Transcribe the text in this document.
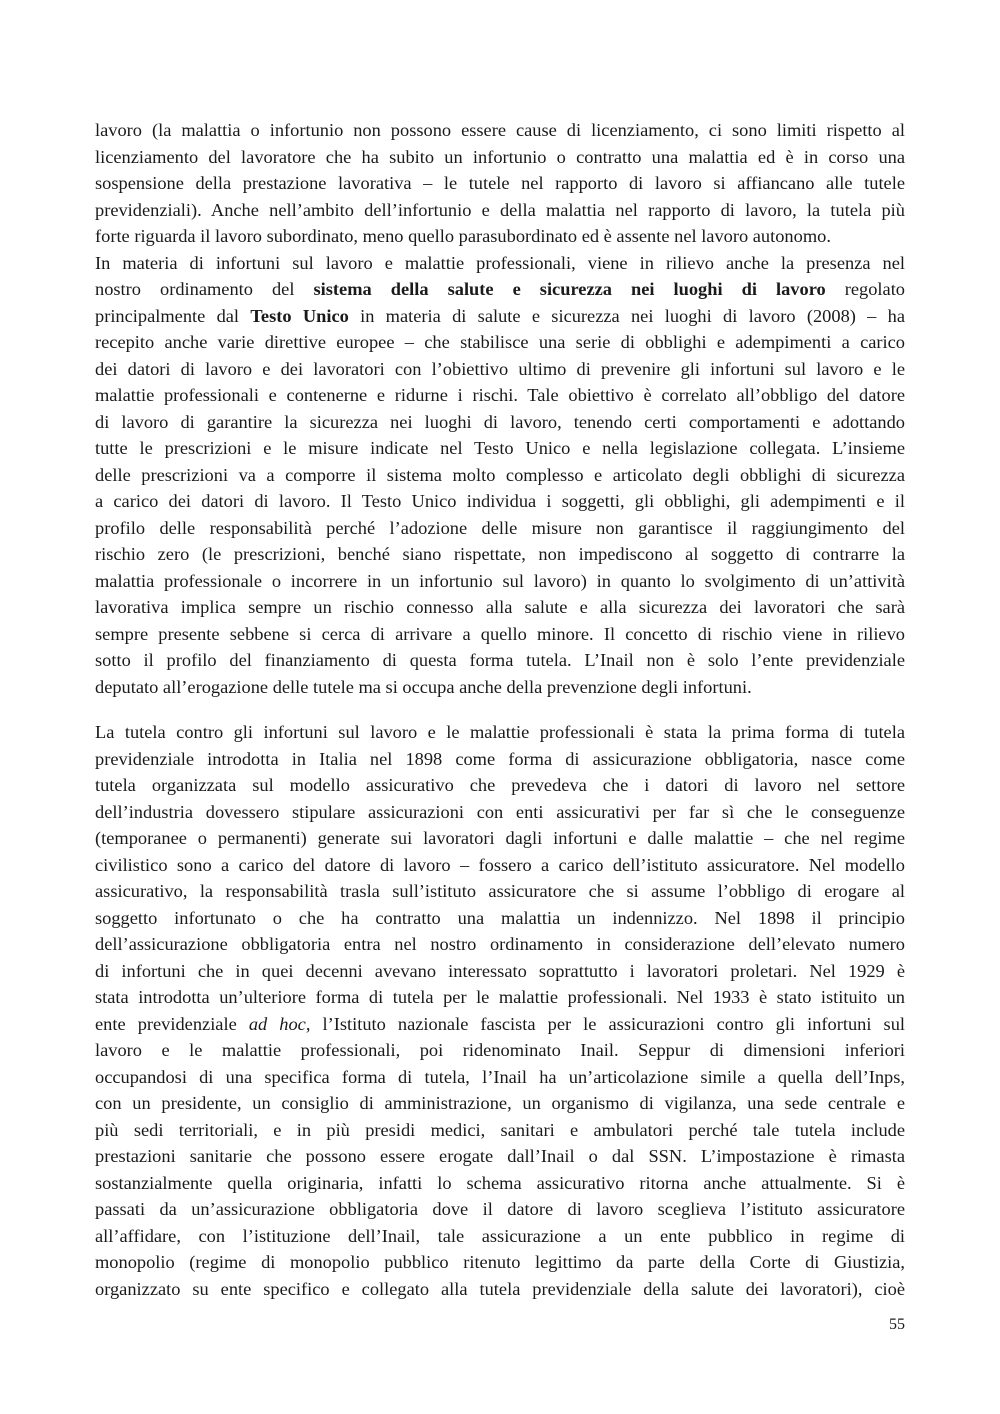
lavoro (la malattia o infortunio non possono essere cause di licenziamento, ci sono limiti rispetto al
licenziamento del lavoratore che ha subito un infortunio o contratto una malattia ed è in corso una
sospensione della prestazione lavorativa – le tutele nel rapporto di lavoro si affiancano alle tutele
previdenziali). Anche nell’ambito dell’infortunio e della malattia nel rapporto di lavoro, la tutela più
forte riguarda il lavoro subordinato, meno quello parasubordinato ed è assente nel lavoro autonomo.
In materia di infortuni sul lavoro e malattie professionali, viene in rilievo anche la presenza nel
nostro ordinamento del sistema della salute e sicurezza nei luoghi di lavoro regolato
principalmente dal Testo Unico in materia di salute e sicurezza nei luoghi di lavoro (2008) – ha
recepito anche varie direttive europee – che stabilisce una serie di obblighi e adempimenti a carico
dei datori di lavoro e dei lavoratori con l’obiettivo ultimo di prevenire gli infortuni sul lavoro e le
malattie professionali e contenerne e ridurne i rischi. Tale obiettivo è correlato all’obbligo del datore
di lavoro di garantire la sicurezza nei luoghi di lavoro, tenendo certi comportamenti e adottando
tutte le prescrizioni e le misure indicate nel Testo Unico e nella legislazione collegata. L’insieme
delle prescrizioni va a comporre il sistema molto complesso e articolato degli obblighi di sicurezza
a carico dei datori di lavoro. Il Testo Unico individua i soggetti, gli obblighi, gli adempimenti e il
profilo delle responsabilità perché l’adozione delle misure non garantisce il raggiungimento del
rischio zero (le prescrizioni, benché siano rispettate, non impediscono al soggetto di contrarre la
malattia professionale o incorrere in un infortunio sul lavoro) in quanto lo svolgimento di un’attività
lavorativa implica sempre un rischio connesso alla salute e alla sicurezza dei lavoratori che sarà
sempre presente sebbene si cerca di arrivare a quello minore. Il concetto di rischio viene in rilievo
sotto il profilo del finanziamento di questa forma tutela. L’Inail non è solo l’ente previdenziale
deputato all’erogazione delle tutele ma si occupa anche della prevenzione degli infortuni.
La tutela contro gli infortuni sul lavoro e le malattie professionali è stata la prima forma di tutela
previdenziale introdotta in Italia nel 1898 come forma di assicurazione obbligatoria, nasce come
tutela organizzata sul modello assicurativo che prevedeva che i datori di lavoro nel settore
dell’industria dovessero stipulare assicurazioni con enti assicurativi per far sì che le conseguenze
(temporanee o permanenti) generate sui lavoratori dagli infortuni e dalle malattie – che nel regime
civilistico sono a carico del datore di lavoro – fossero a carico dell’istituto assicuratore. Nel modello
assicurativo, la responsabilità trasla sull’istituto assicuratore che si assume l’obbligo di erogare al
soggetto infortunato o che ha contratto una malattia un indennizzo. Nel 1898 il principio
dell’assicurazione obbligatoria entra nel nostro ordinamento in considerazione dell’elevato numero
di infortuni che in quei decenni avevano interessato soprattutto i lavoratori proletari. Nel 1929 è
stata introdotta un’ulteriore forma di tutela per le malattie professionali. Nel 1933 è stato istituito un
ente previdenziale ad hoc, l’Istituto nazionale fascista per le assicurazioni contro gli infortuni sul
lavoro e le malattie professionali, poi ridenominato Inail. Seppur di dimensioni inferiori
occupandosi di una specifica forma di tutela, l’Inail ha un’articolazione simile a quella dell’Inps,
con un presidente, un consiglio di amministrazione, un organismo di vigilanza, una sede centrale e
più sedi territoriali, e in più presidi medici, sanitari e ambulatori perché tale tutela include
prestazioni sanitarie che possono essere erogate dall’Inail o dal SSN. L’impostazione è rimasta
sostanzialmente quella originaria, infatti lo schema assicurativo ritorna anche attualmente. Si è
passati da un’assicurazione obbligatoria dove il datore di lavoro sceglieva l’istituto assicuratore
all’affidare, con l’istituzione dell’Inail, tale assicurazione a un ente pubblico in regime di
monopolio (regime di monopolio pubblico ritenuto legittimo da parte della Corte di Giustizia,
organizzato su ente specifico e collegato alla tutela previdenziale della salute dei lavoratori), cioè
55
